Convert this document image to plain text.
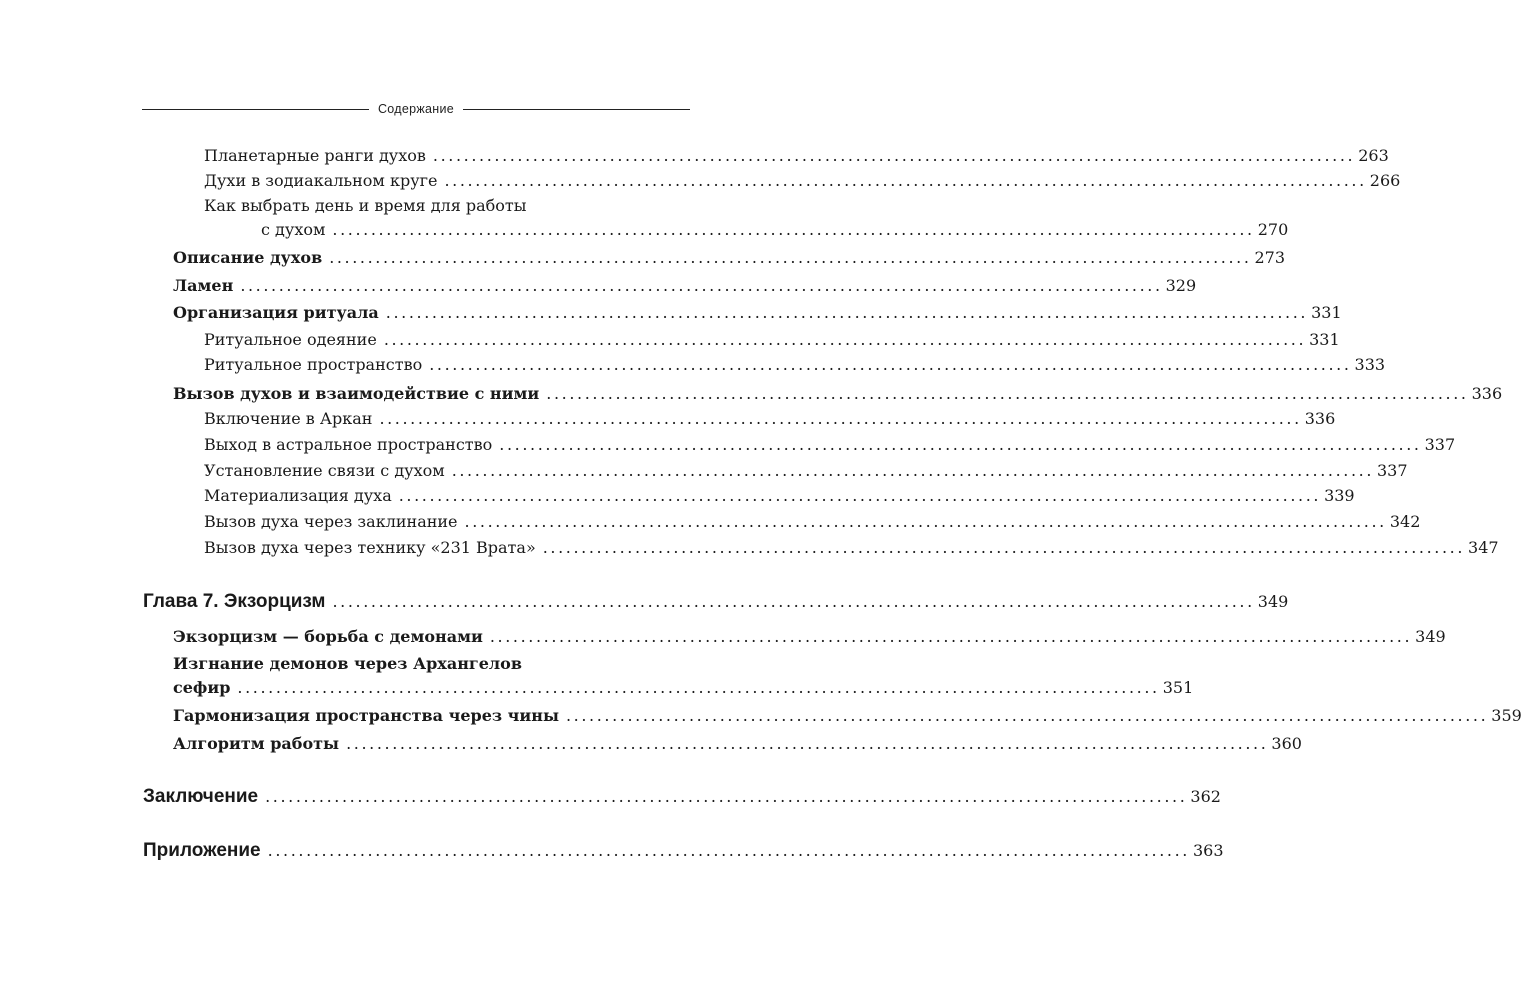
Содержание
Планетарные ранги духов ........................................................................................................................ 263
Духи в зодиакальном круге ........................................................................................................................ 266
Как выбрать день и время для работы
с духом ........................................................................................................................ 270
Описание духов ........................................................................................................................ 273
Ламен ........................................................................................................................ 329
Организация ритуала ........................................................................................................................ 331
Ритуальное одеяние ........................................................................................................................ 331
Ритуальное пространство ........................................................................................................................ 333
Вызов духов и взаимодействие с ними ........................................................................................................................ 336
Включение в Аркан ........................................................................................................................ 336
Выход в астральное пространство ........................................................................................................................ 337
Установление связи с духом ........................................................................................................................ 337
Материализация духа ........................................................................................................................ 339
Вызов духа через заклинание ........................................................................................................................ 342
Вызов духа через технику «231 Врата» ........................................................................................................................ 347
Глава 7. Экзорцизм ........................................................................................................................ 349
Экзорцизм — борьба с демонами ........................................................................................................................ 349
Изгнание демонов через Архангелов
сефир ........................................................................................................................ 351
Гармонизация пространства через чины ........................................................................................................................ 359
Алгоритм работы ........................................................................................................................ 360
Заключение ........................................................................................................................ 362
Приложение ........................................................................................................................ 363
